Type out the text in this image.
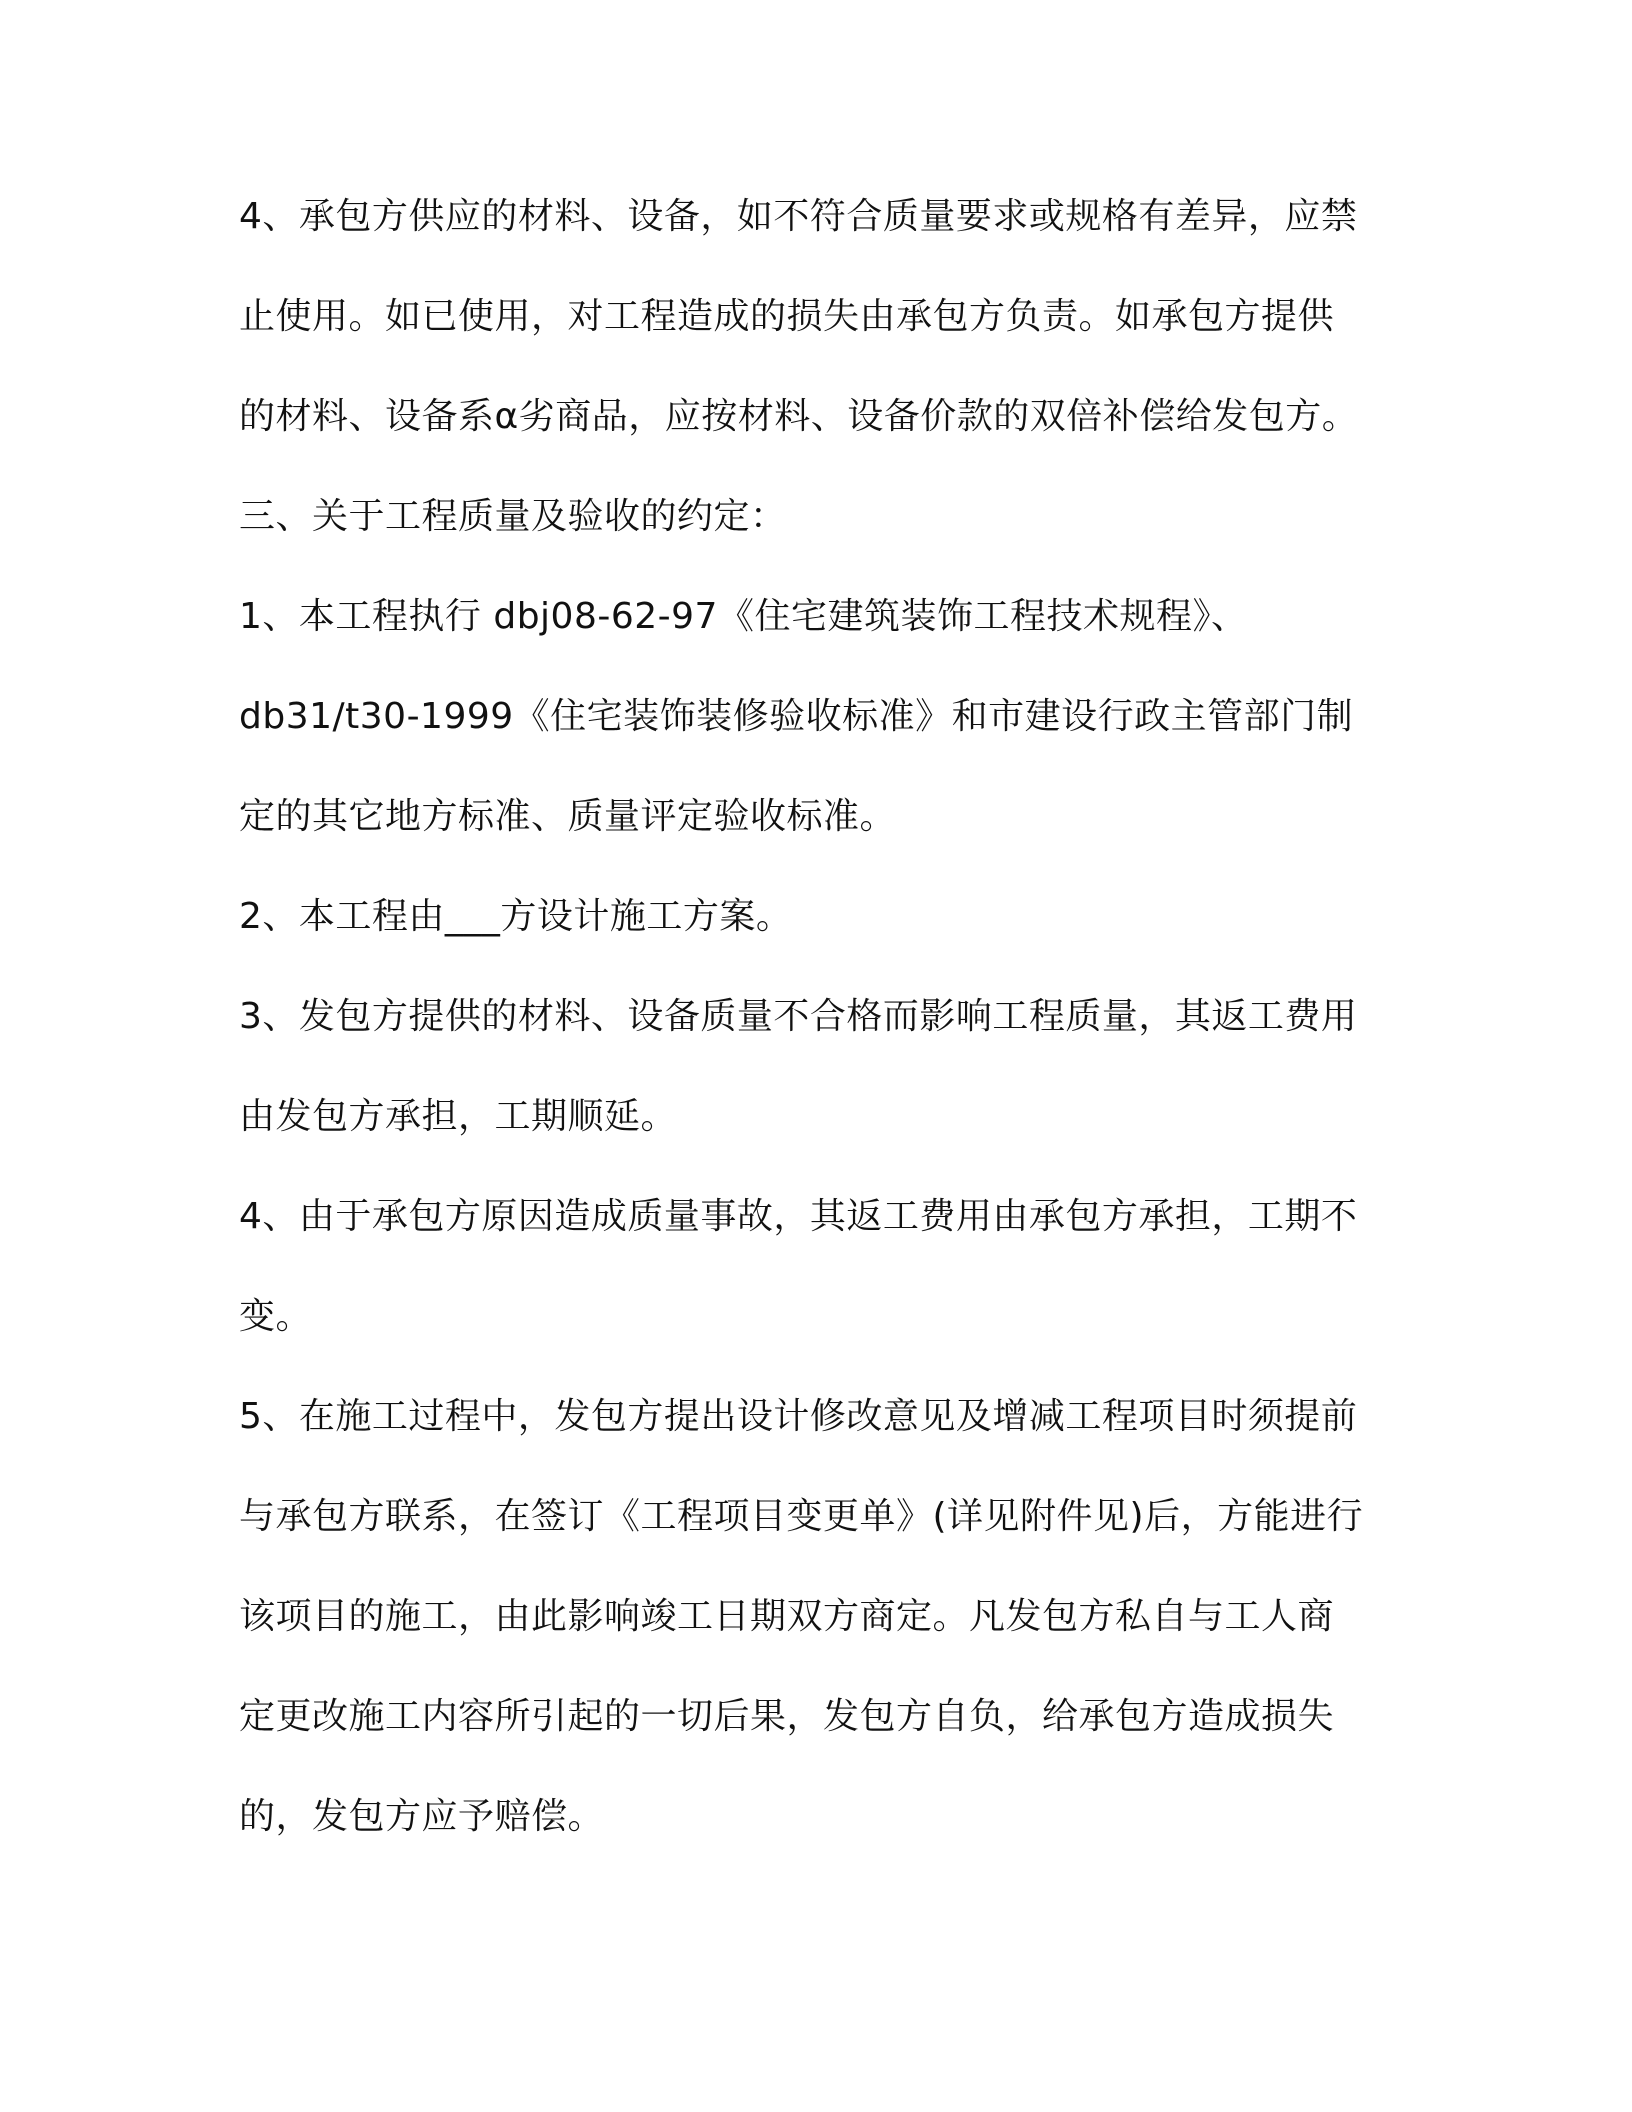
4、承包方供应的材料、设备，如不符合质量要求或规格有差异，应禁
止使用。如已使用，对工程造成的损失由承包方负责。如承包方提供
的材料、设备系α劣商品，应按材料、设备价款的双倍补偿给发包方。
三、关于工程质量及验收的约定：
1、本工程执行 dbj08-62-97《住宅建筑装饰工程技术规程》、
db31/t30-1999《住宅装饰装修验收标准》和市建设行政主管部门制
定的其它地方标准、质量评定验收标准。
2、本工程由___方设计施工方案。
3、发包方提供的材料、设备质量不合格而影响工程质量，其返工费用
由发包方承担，工期顺延。
4、由于承包方原因造成质量事故，其返工费用由承包方承担，工期不
变。
5、在施工过程中，发包方提出设计修改意见及增减工程项目时须提前
与承包方联系，在签订《工程项目变更单》(详见附件见)后，方能进行
该项目的施工，由此影响竣工日期双方商定。凡发包方私自与工人商
定更改施工内容所引起的一切后果，发包方自负，给承包方造成损失
的，发包方应予赔偿。
